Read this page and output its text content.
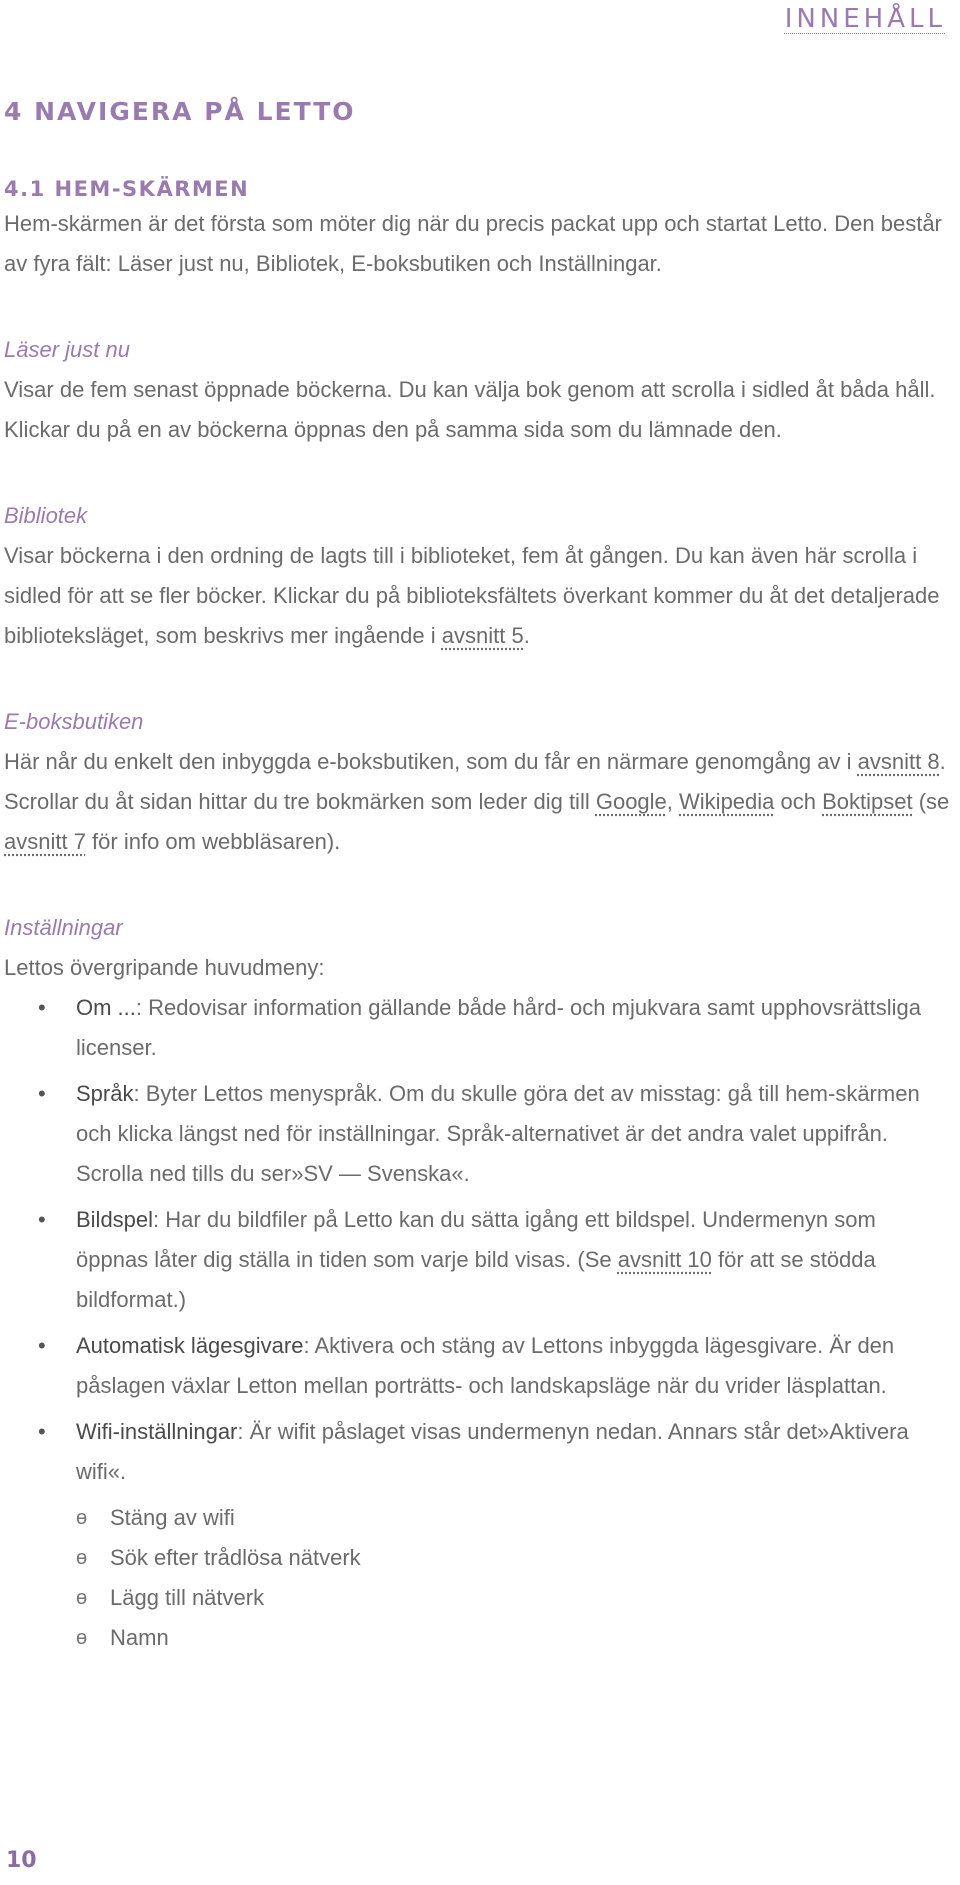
INNEHÅLL
4 NAVIGERA PÅ LETTO
4.1 HEM-SKÄRMEN

Hem-skärmen är det första som möter dig när du precis packat upp och startat Letto. Den består av fyra fält: Läser just nu, Bibliotek, E-boksbutiken och Inställningar.

Läser just nu

Visar de fem senast öppnade böckerna. Du kan välja bok genom att scrolla i sidled åt båda håll. Klickar du på en av böckerna öppnas den på samma sida som du lämnade den.

Bibliotek

Visar böckerna i den ordning de lagts till i biblioteket, fem åt gången. Du kan även här scrolla i sidled för att se fler böcker. Klickar du på biblioteksfältets överkant kommer du åt det detaljerade biblioteksläget, som beskrivs mer ingående i avsnitt 5.

E-boksbutiken

Här når du enkelt den inbyggda e-boksbutiken, som du får en närmare genomgång av i avsnitt 8. Scrollar du åt sidan hittar du tre bokmärken som leder dig till Google, Wikipedia och Boktipset (se avsnitt 7 för info om webbläsaren).

Inställningar

Lettos övergripande huvudmeny:

• Om ...: Redovisar information gällande både hård- och mjukvara samt upphovsrättsliga licenser.
• Språk: Byter Lettos menyspråk. Om du skulle göra det av misstag: gå till hem-skärmen och klicka längst ned för inställningar. Språk-alternativet är det andra valet uppifrån. Scrolla ned tills du ser»SV — Svenska«.
• Bildspel: Har du bildfiler på Letto kan du sätta igång ett bildspel. Undermenyn som öppnas låter dig ställa in tiden som varje bild visas. (Se avsnitt 10 för att se stödda bildformat.)
• Automatisk lägesgivare: Aktivera och stäng av Lettons inbyggda lägesgivare. Är den påslagen växlar Letton mellan porträtts- och landskapsläge när du vrider läsplattan.
• Wifi-inställningar: Är wifit påslaget visas undermenyn nedan. Annars står det»Aktivera wifi«.
ɵ Stäng av wifi
ɵ Sök efter trådlösa nätverk
ɵ Lägg till nätverk
ɵ Namn
10
